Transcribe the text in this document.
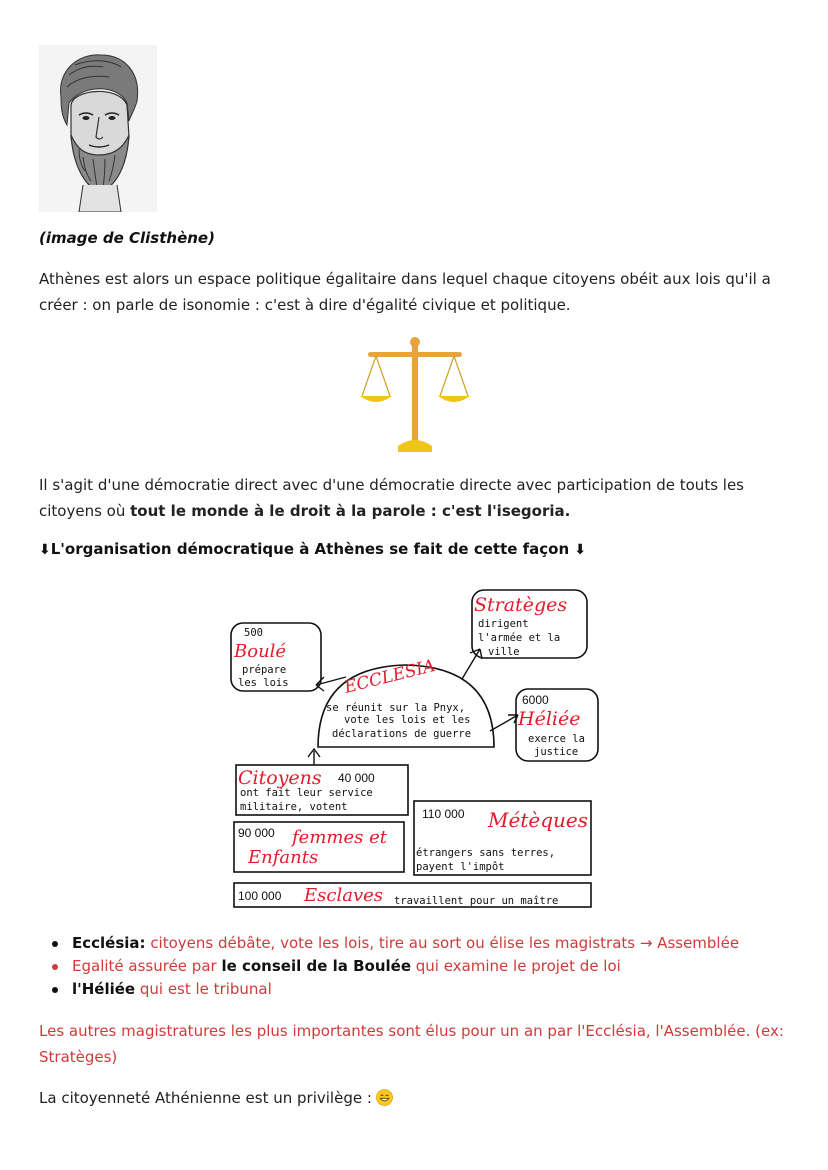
(image de Clisthène)
Athènes est alors un espace politique égalitaire dans lequel chaque citoyens obéit aux lois qu'il a créer : on parle de isonomie : c'est à dire d'égalité civique et politique.
Il s'agit d'une démocratie direct avec d'une démocratie directe avec participation de touts les citoyens où tout le monde à le droit à la parole : c'est l'isegoria.
⬇L'organisation démocratique à Athènes se fait de cette façon ⬇
500
Boulé
prépare
les lois
Stratèges
dirigent
l'armée et la
ville
ECCLESIA
se réunit sur la Pnyx,
vote les lois et les
déclarations de guerre
6000
Héliée
exerce la
justice
Citoyens 40 000
ont fait leur service
militaire, votent	110 000 Métèques
étrangers sans terres,
payent l'impôt
90 000 femmes et
Enfants
100 000 Esclaves travaillent pour un maître
Ecclésia: citoyens débâte, vote les lois, tire au sort ou élise les magistrats → Assemblée
Egalité assurée par le conseil de la Boulée qui examine le projet de loi
l'Héliée qui est le tribunal
Les autres magistratures les plus importantes sont élus pour un an par l'Ecclésia, l'Assemblée. (ex: Stratèges)
La citoyenneté Athénienne est un privilège :
